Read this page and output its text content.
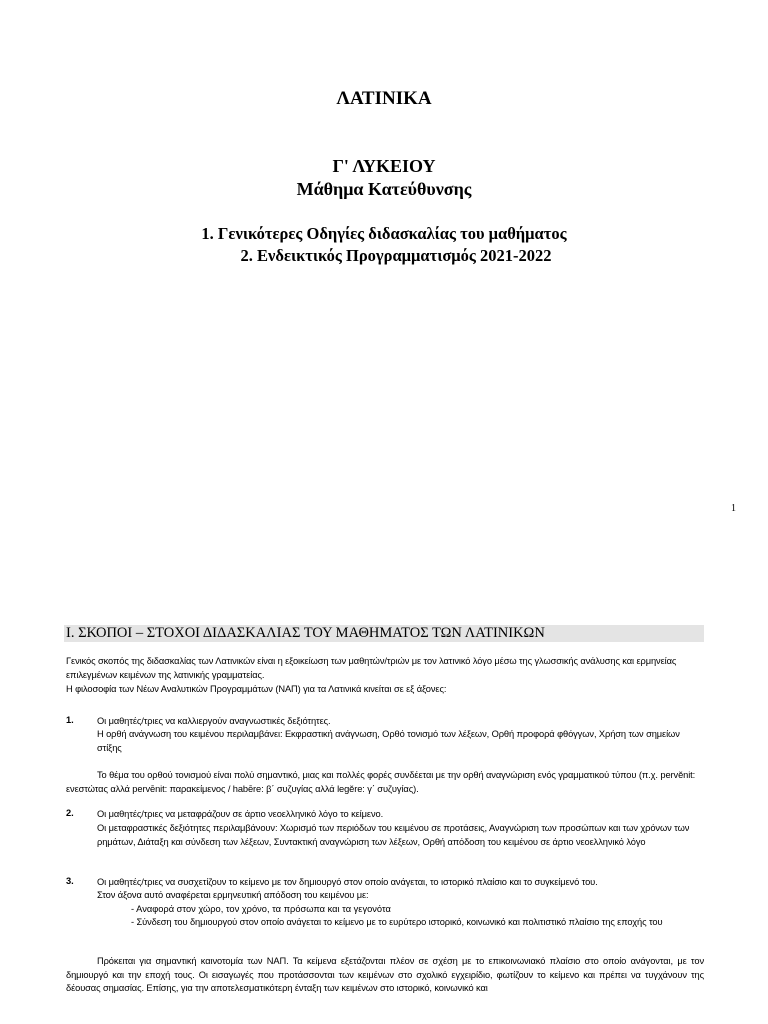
ΛΑΤΙΝΙΚΑ
Γ' ΛΥΚΕΙΟΥ
Μάθημα Κατεύθυνσης
1. Γενικότερες Οδηγίες διδασκαλίας του μαθήματος
2. Ενδεικτικός Προγραμματισμός 2021-2022
1
Ι. ΣΚΟΠΟΙ – ΣΤΟΧΟΙ ΔΙΔΑΣΚΑΛΙΑΣ ΤΟΥ ΜΑΘΗΜΑΤΟΣ ΤΩΝ ΛΑΤΙΝΙΚΩΝ
Γενικός σκοπός της διδασκαλίας των Λατινικών είναι η εξοικείωση των μαθητών/τριών με τον λατινικό λόγο μέσω της γλωσσικής ανάλυσης και ερμηνείας επιλεγμένων κειμένων της λατινικής γραμματείας.
Η φιλοσοφία των Νέων Αναλυτικών Προγραμμάτων (ΝΑΠ) για τα Λατινικά κινείται σε εξ άξονες:
1. Οι μαθητές/τριες να καλλιεργούν αναγνωστικές δεξιότητες.
Η ορθή ανάγνωση του κειμένου περιλαμβάνει: Εκφραστική ανάγνωση, Ορθό τονισμό των λέξεων, Ορθή προφορά φθόγγων, Χρήση των σημείων στίξης
Το θέμα του ορθού τονισμού είναι πολύ σημαντικό, μιας και πολλές φορές συνδέεται με την ορθή αναγνώριση ενός γραμματικού τύπου (π.χ. pervĕnit: ενεστώτας αλλά pervēnit: παρακείμενος / habēre: β΄ συζυγίας αλλά legĕre: γ΄ συζυγίας).
2. Οι μαθητές/τριες να μεταφράζουν σε άρτιο νεοελληνικό λόγο το κείμενο.
Οι μεταφραστικές δεξιότητες περιλαμβάνουν: Χωρισμό των περιόδων του κειμένου σε προτάσεις, Αναγνώριση των προσώπων και των χρόνων των ρημάτων, Διάταξη και σύνδεση των λέξεων, Συντακτική αναγνώριση των λέξεων, Ορθή απόδοση του κειμένου σε άρτιο νεοελληνικό λόγο
3. Οι μαθητές/τριες να συσχετίζουν το κείμενο με τον δημιουργό στον οποίο ανάγεται, το ιστορικό πλαίσιο και το συγκείμενό του.
Στον άξονα αυτό αναφέρεται ερμηνευτική απόδοση του κειμένου με:
- Αναφορά στον χώρο, τον χρόνο, τα πρόσωπα και τα γεγονότα
- Σύνδεση του δημιουργού στον οποίο ανάγεται το κείμενο με το ευρύτερο ιστορικό, κοινωνικό και πολιτιστικό πλαίσιο της εποχής του
Πρόκειται για σημαντική καινοτομία των ΝΑΠ. Τα κείμενα εξετάζονται πλέον σε σχέση με το επικοινωνιακό πλαίσιο στο οποίο ανάγονται, με τον δημιουργό και την εποχή τους. Οι εισαγωγές που προτάσσονται των κειμένων στο σχολικό εγχειρίδιο, φωτίζουν το κείμενο και πρέπει να τυγχάνουν της δέουσας σημασίας. Επίσης, για την αποτελεσματικότερη ένταξη των κειμένων στο ιστορικό, κοινωνικό και
